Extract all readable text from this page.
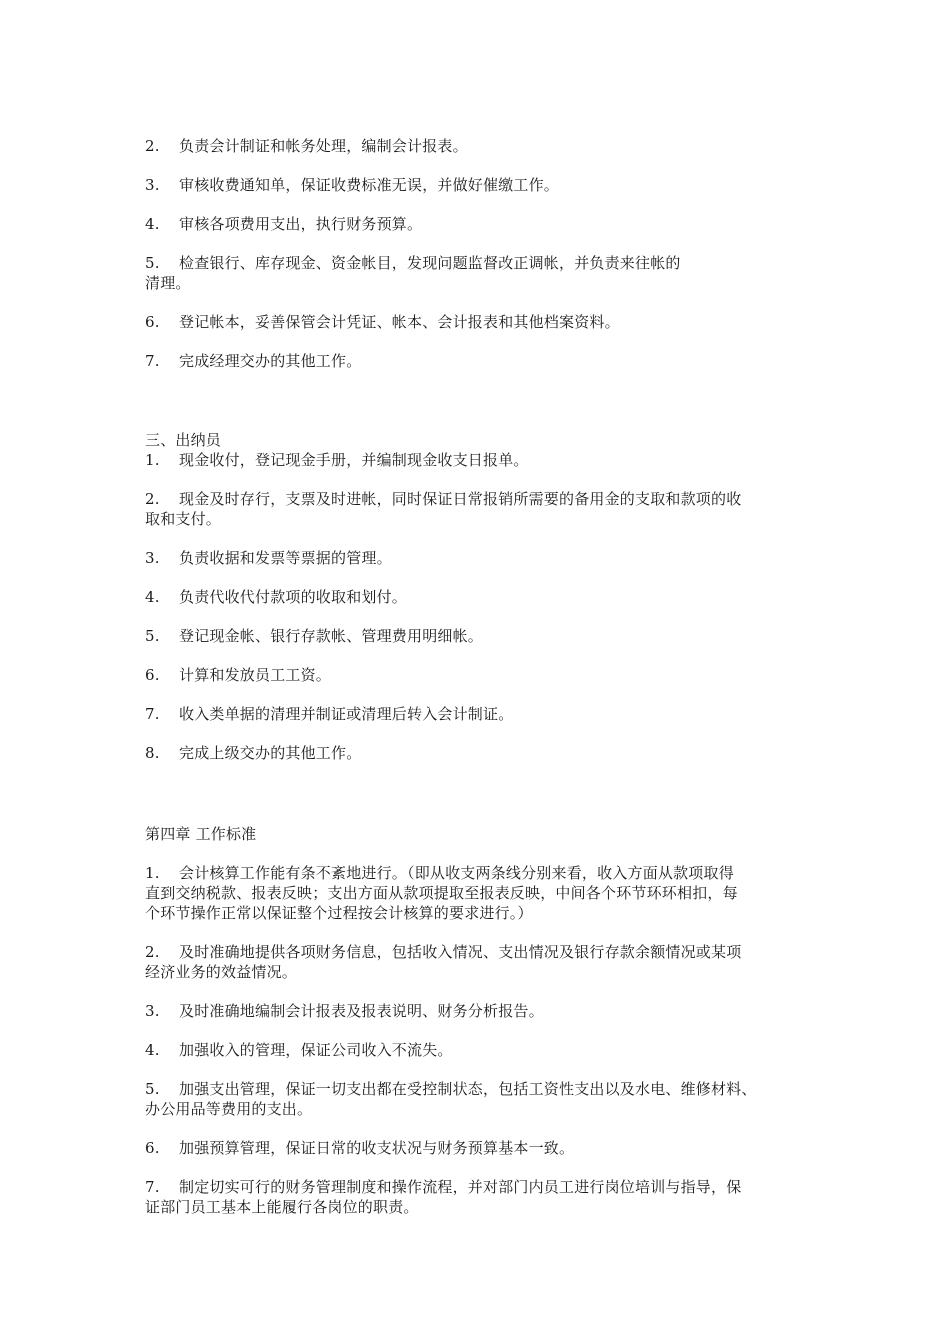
2. 负责会计制证和帐务处理，编制会计报表。

3. 审核收费通知单，保证收费标准无误，并做好催缴工作。

4. 审核各项费用支出，执行财务预算。

5. 检查银行、库存现金、资金帐目，发现问题监督改正调帐，并负责来往帐的
清理。

6. 登记帐本，妥善保管会计凭证、帐本、会计报表和其他档案资料。

7. 完成经理交办的其他工作。

三、出纳员

1. 现金收付，登记现金手册，并编制现金收支日报单。

2. 现金及时存行，支票及时进帐，同时保证日常报销所需要的备用金的支取和款项的收
取和支付。

3. 负责收据和发票等票据的管理。

4. 负责代收代付款项的收取和划付。

5. 登记现金帐、银行存款帐、管理费用明细帐。

6. 计算和发放员工工资。

7. 收入类单据的清理并制证或清理后转入会计制证。

8. 完成上级交办的其他工作。

第四章 工作标准

1. 会计核算工作能有条不紊地进行。（即从收支两条线分别来看，收入方面从款项取得
直到交纳税款、报表反映；支出方面从款项提取至报表反映，中间各个环节环环相扣，每
个环节操作正常以保证整个过程按会计核算的要求进行。）

2. 及时准确地提供各项财务信息，包括收入情况、支出情况及银行存款余额情况或某项
经济业务的效益情况。

3. 及时准确地编制会计报表及报表说明、财务分析报告。

4. 加强收入的管理，保证公司收入不流失。

5. 加强支出管理，保证一切支出都在受控制状态，包括工资性支出以及水电、维修材料、
办公用品等费用的支出。

6. 加强预算管理，保证日常的收支状况与财务预算基本一致。

7. 制定切实可行的财务管理制度和操作流程，并对部门内员工进行岗位培训与指导，保
证部门员工基本上能履行各岗位的职责。
